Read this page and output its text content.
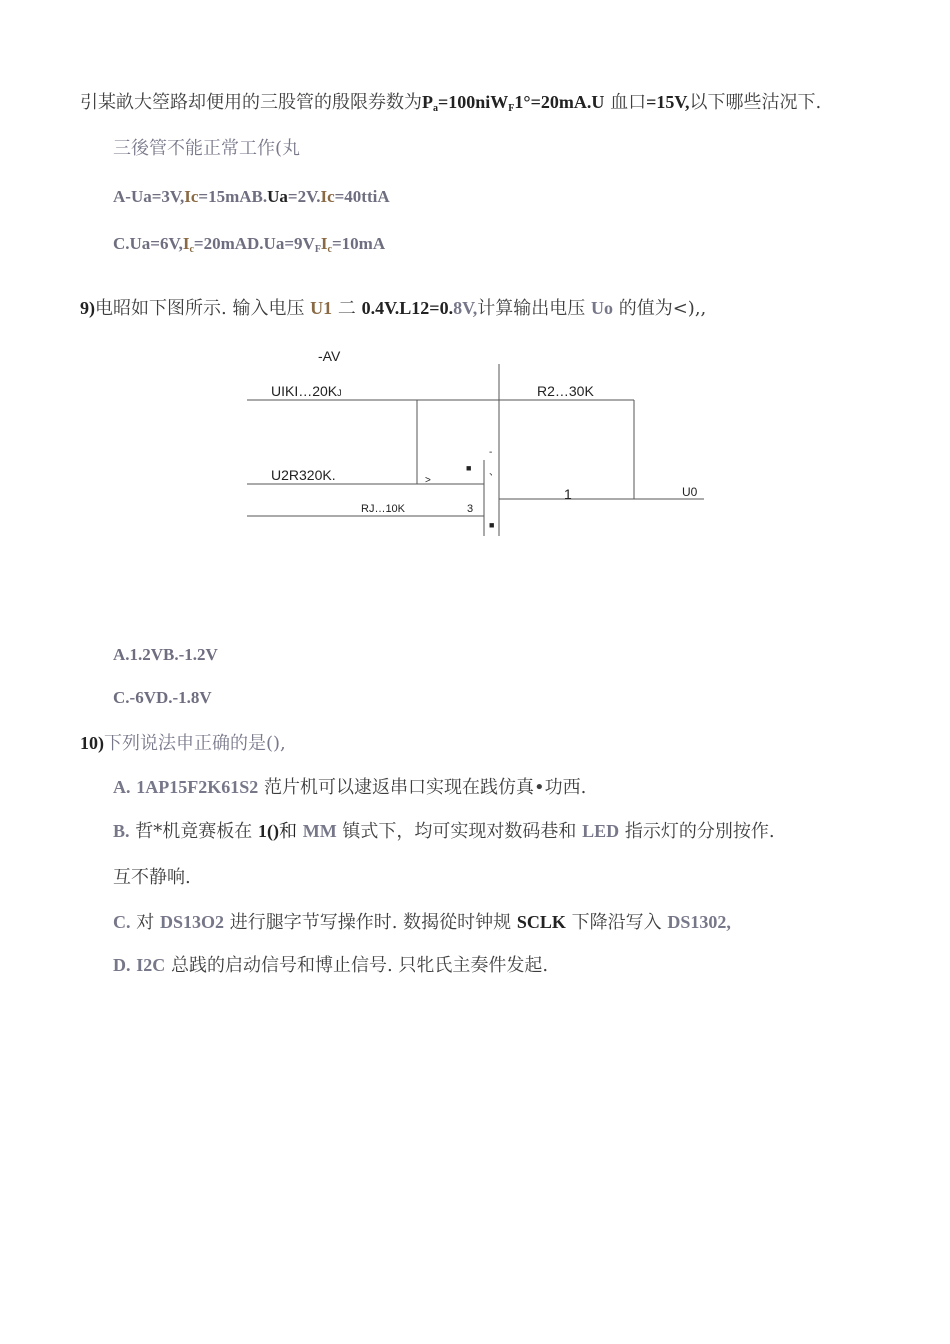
引某畝大箜路却便用的三股管的殷限券数为$P_a=100niW_F1^\circ=20mA.U$ 血口=15V,以下哪些沽况下.
三後管不能正常工作(丸
A-Ua=3V,Ic=15mAB.Ua=2V.Ic=40ttiA
$C.Ua=6V,I_c=20mAD.Ua=9V_FI_c=10mA$
9)电昭如下图所示. 输入电压 U1 二 0.4V.L12=0.8V,计算输出电压 Uo 的值为<),,
-AV
UIKI…20KJ	R2…30K
U2R320K.
RJ…10K	3
1
>
-
、
■
■
U0
A.1.2VB.-1.2V
C.-6VD.-1.8V
10)下列说法申正确的是(),
A. 1AP15F2K61S2 范片机可以逮返串口实现在践仿真•功西.
B. 哲*机竟赛板在 1()和 MM 镇式下，均可实现对数码巷和 LED 指示灯的分別按作.
互不静响.
C. 对 DS13O2 进行腿字节写操作时. 数揭從时钟规 SCLK 下降沿写入 DS1302,
D. I2C 总践的启动信号和博止信号. 只牝氏主奏件发起.
